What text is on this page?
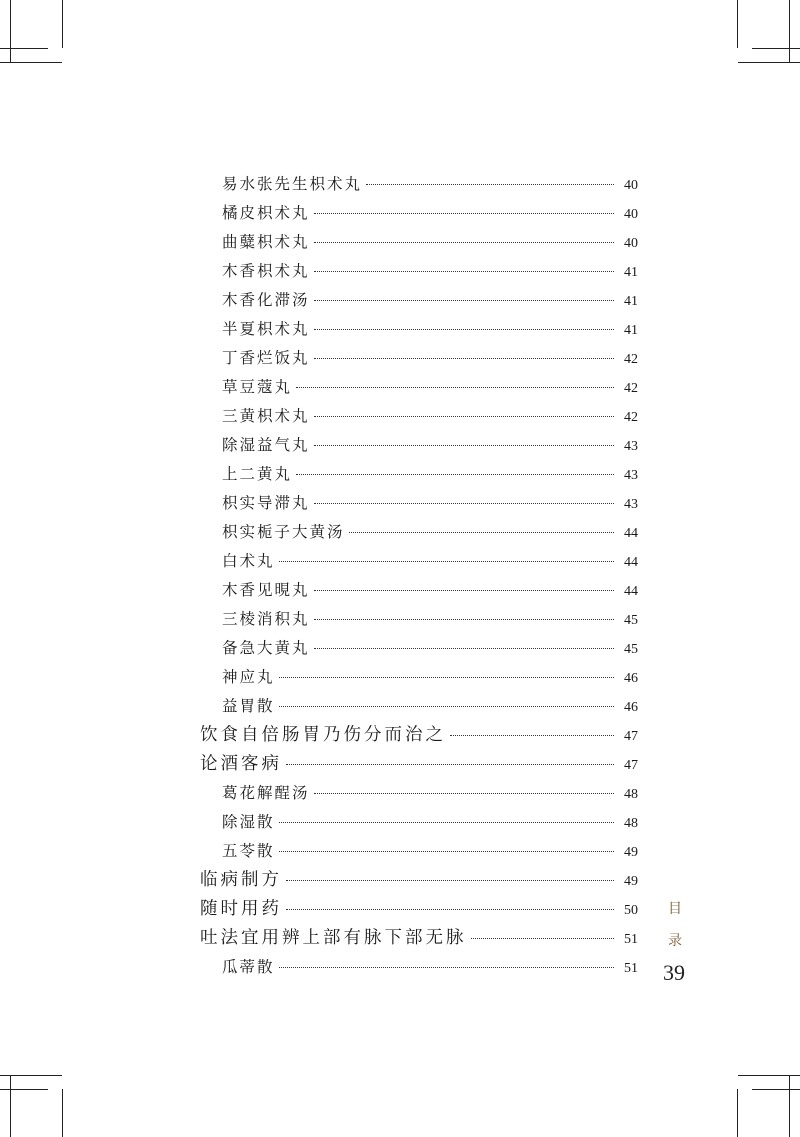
易水张先生枳术丸	40
橘皮枳术丸	40
曲糵枳术丸	40
木香枳术丸	41
木香化滞汤	41
半夏枳术丸	41
丁香烂饭丸	42
草豆蔻丸	42
三黄枳术丸	42
除湿益气丸	43
上二黄丸	43
枳实导滞丸	43
枳实栀子大黄汤	44
白术丸	44
木香见晛丸	44
三棱消积丸	45
备急大黄丸	45
神应丸	46
益胃散	46
饮食自倍肠胃乃伤分而治之	47
论酒客病	47
葛花解酲汤	48
除湿散	48
五苓散	49
临病制方	49
随时用药	50
吐法宜用辨上部有脉下部无脉	51
瓜蒂散	51
目
录
39
